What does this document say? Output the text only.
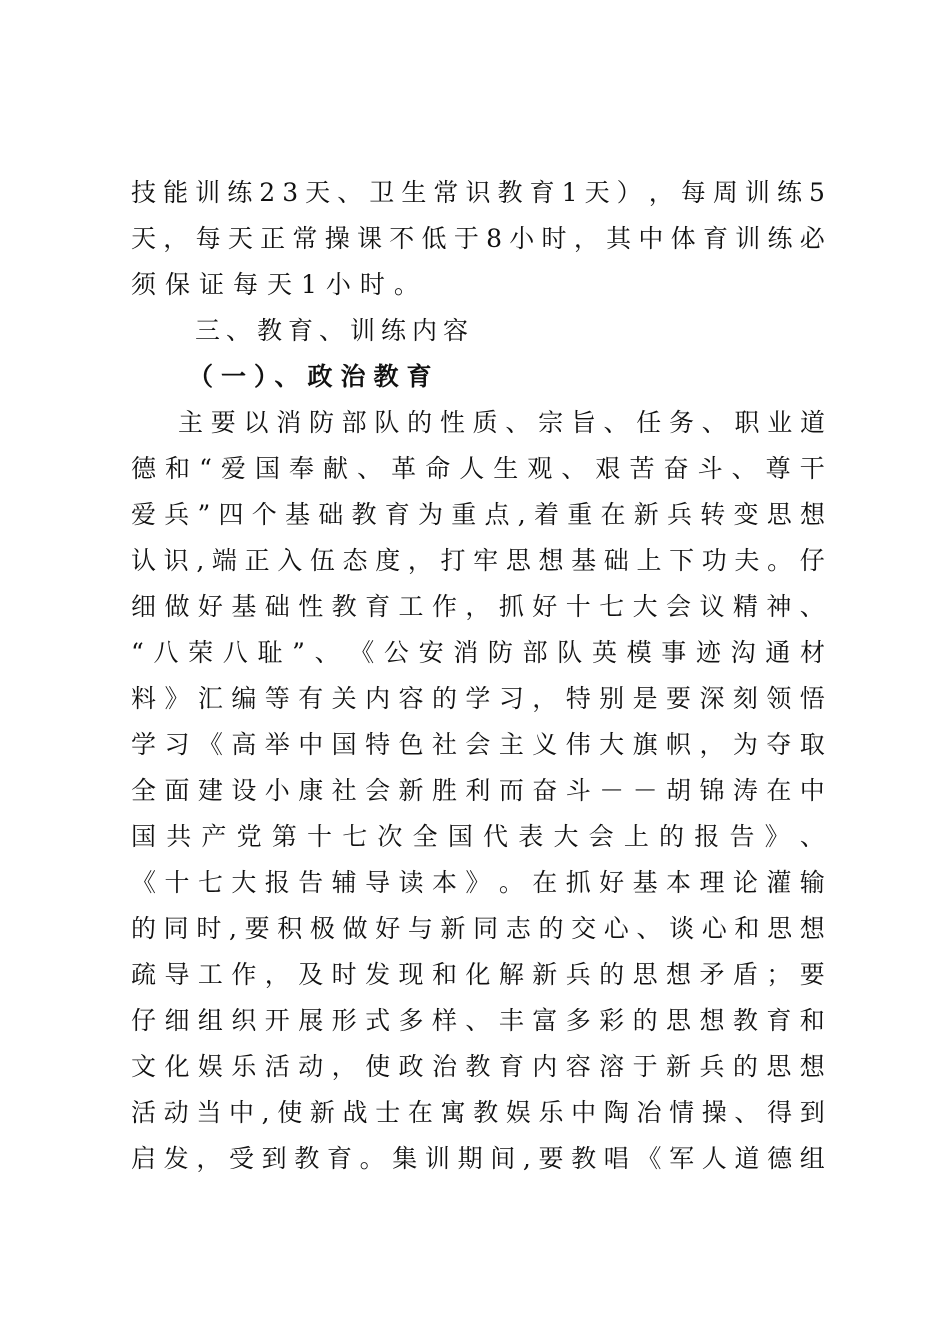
技 能 训 练 2 3 天 、 卫 生 常 识 教 育 1 天 ） ， 每 周 训 练 5
天 ， 每 天 正 常 操 课 不 低 于 8 小 时 ， 其 中 体 育 训 练 必
须保证每天1小时。
三、教育、训练内容
（一）、政治教育
主 要 以 消 防 部 队 的 性 质 、 宗 旨 、 任 务 、 职 业 道
德 和 “ 爱 国 奉 献 、 革 命 人 生 观 、 艰 苦 奋 斗 、 尊 干
爱 兵 ” 四 个 基 础 教 育 为 重 点 , 着 重 在 新 兵 转 变 思 想
认 识 , 端 正 入 伍 态 度 ， 打 牢 思 想 基 础 上 下 功 夫 。 仔
细 做 好 基 础 性 教 育 工 作 ， 抓 好 十 七 大 会 议 精 神 、
“ 八 荣 八 耻 ” 、 《 公 安 消 防 部 队 英 模 事 迹 沟 通 材
料 》 汇 编 等 有 关 内 容 的 学 习 ， 特 别 是 要 深 刻 领 悟
学 习 《 高 举 中 国 特 色 社 会 主 义 伟 大 旗 帜 ， 为 夺 取
全 面 建 设 小 康 社 会 新 胜 利 而 奋 斗 － － 胡 锦 涛 在 中
国 共 产 党 第 十 七 次 全 国 代 表 大 会 上 的 报 告 》 、
《 十 七 大 报 告 辅 导 读 本 》 。 在 抓 好 基 本 理 论 灌 输
的 同 时 , 要 积 极 做 好 与 新 同 志 的 交 心 、 谈 心 和 思 想
疏 导 工 作 ， 及 时 发 现 和 化 解 新 兵 的 思 想 矛 盾 ； 要
仔 细 组 织 开 展 形 式 多 样 、 丰 富 多 彩 的 思 想 教 育 和
文 化 娱 乐 活 动 ， 使 政 治 教 育 内 容 溶 于 新 兵 的 思 想
活 动 当 中 , 使 新 战 士 在 寓 教 娱 乐 中 陶 冶 情 操 、 得 到
启 发 ， 受 到 教 育 。 集 训 期 间 , 要 教 唱 《 军 人 道 德 组
